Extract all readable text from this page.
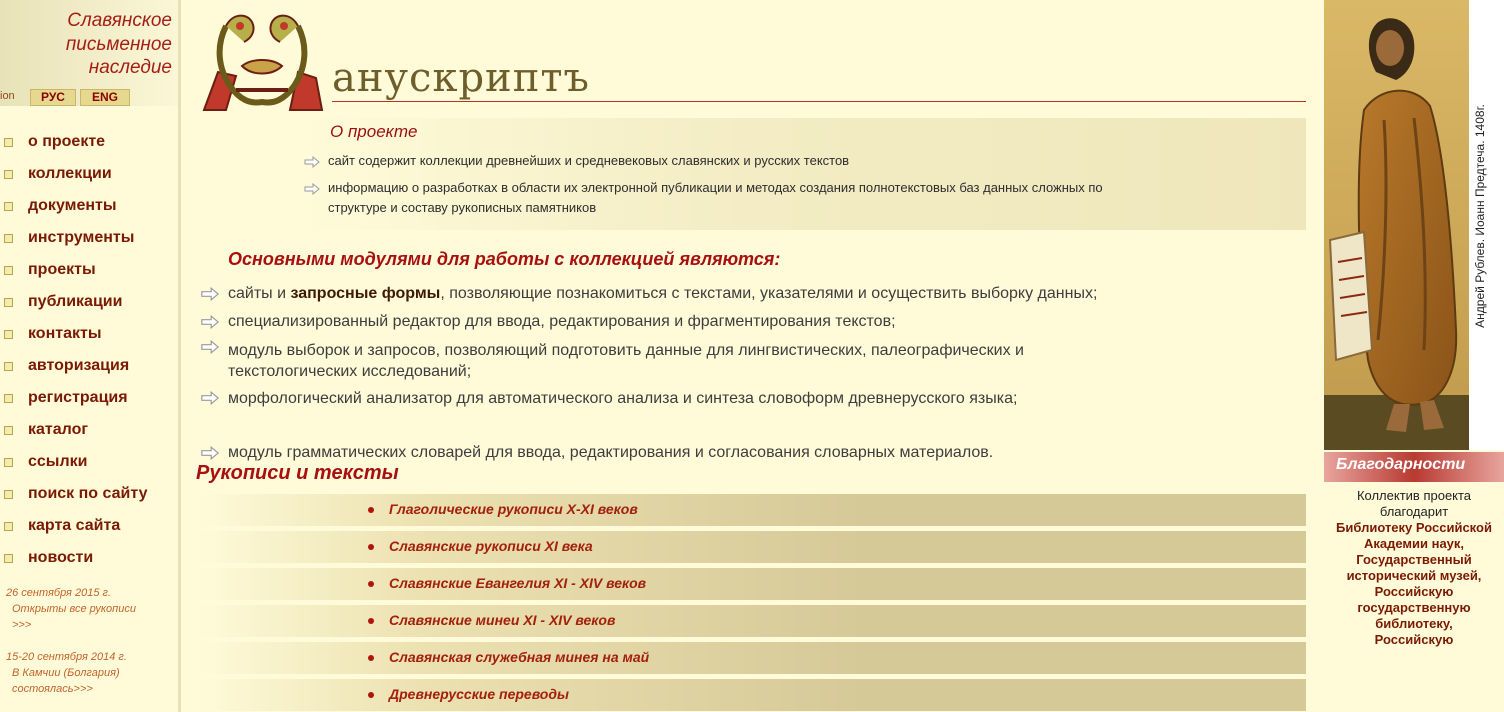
Славянское
письменное
наследие
ion	РУС	ENG
о проекте
коллекции
документы
инструменты
проекты
публикации
контакты
авторизация
регистрация
каталог
ссылки
поиск по сайту
карта сайта
новости
26 сентября 2015 г.
Открыты все рукописи
>>>
15-20 сентября 2014 г.
В Камчии (Болгария)
состоялась>>>
анускриптъ
О проекте
сайт содержит коллекции древнейших и средневековых славянских и русских текстов
информацию о разработках в области их электронной публикации и методах создания полнотекстовых баз данных сложных по
структуре и составу рукописных памятников
Основными модулями для работы с коллекцией являются:
сайты и запросные формы, позволяющие познакомиться с текстами, указателями и осуществить выборку данных;
специализированный редактор для ввода, редактирования и фрагментирования текстов;
модуль выборок и запросов, позволяющий подготовить данные для лингвистических, палеографических и
текстологических исследований;
морфологический анализатор для автоматического анализа и синтеза словоформ древнерусского языка;
модуль грамматических словарей для ввода, редактирования и согласования словарных материалов.
Рукописи и тексты
Глаголические рукописи X-XI веков
Славянские рукописи XI века
Славянские Евангелия XI - XIV веков
Славянские минеи XI - XIV веков
Славянская служебная минея на май
Древнерусские переводы
Андрей Рублев. Иоанн Предтеча. 1408г.
Благодарности
Коллектив проекта благодарит
Библиотеку Российской Академии наук,
Государственный исторический музей,
Российскую государственную библиотеку,
Российскую
